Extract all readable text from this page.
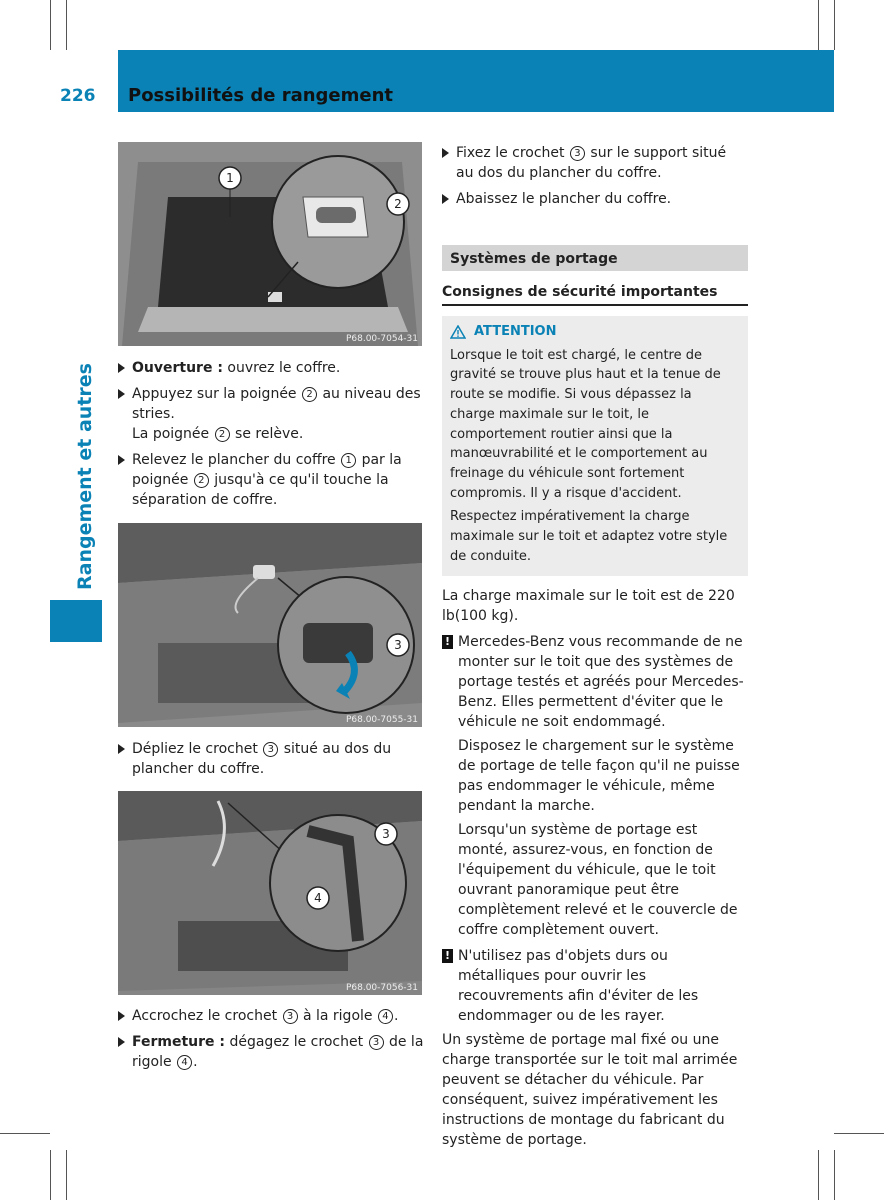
226 Possibilités de rangement
Rangement et autres
1
2
P68.00-7054-31
Ouverture : ouvrez le coffre.
Appuyez sur la poignée 2 au niveau des stries.
La poignée 2 se relève.
Relevez le plancher du coffre 1 par la poignée 2 jusqu'à ce qu'il touche la séparation de coffre.
3
P68.00-7055-31
Dépliez le crochet 3 situé au dos du plancher du coffre.
3
4
P68.00-7056-31
Accrochez le crochet 3 à la rigole 4 .
Fermeture : dégagez le crochet 3 de la rigole 4 .
Fixez le crochet 3 sur le support situé au dos du plancher du coffre.
Abaissez le plancher du coffre.
Systèmes de portage
Consignes de sécurité importantes
ATTENTION

Lorsque le toit est chargé, le centre de gravité se trouve plus haut et la tenue de route se modifie. Si vous dépassez la charge maximale sur le toit, le comportement routier ainsi que la manœuvrabilité et le comportement au freinage du véhicule sont fortement compromis. Il y a risque d'accident.

Respectez impérativement la charge maximale sur le toit et adaptez votre style de conduite.

La charge maximale sur le toit est de 220 lb(100 kg).

! Mercedes-Benz vous recommande de ne monter sur le toit que des systèmes de portage testés et agréés pour Mercedes-Benz. Elles permettent d'éviter que le véhicule ne soit endommagé.

Disposez le chargement sur le système de portage de telle façon qu'il ne puisse pas endommager le véhicule, même pendant la marche.

Lorsqu'un système de portage est monté, assurez-vous, en fonction de l'équipement du véhicule, que le toit ouvrant panoramique peut être complètement relevé et le couvercle de coffre complètement ouvert.

! N'utilisez pas d'objets durs ou métalliques pour ouvrir les recouvrements afin d'éviter de les endommager ou de les rayer.

Un système de portage mal fixé ou une charge transportée sur le toit mal arrimée peuvent se détacher du véhicule. Par conséquent, suivez impérativement les instructions de montage du fabricant du système de portage.
